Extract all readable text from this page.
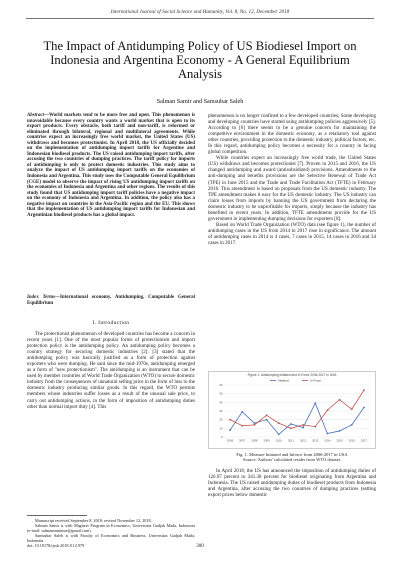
International Journal of Social Science and Humanity, Vol. 8, No. 12, December 2018
The Impact of Antidumping Policy of US Biodiesel Import on Indonesia and Argentina Economy - A General Equilibrium Analysis
Salman Samir and Samsubar Saleh
Abstract—World markets tend to be more free and open. This phenomenon is unavoidable because every country wants a world market that is open to its export products. Every obstacle, both tariff and non-tariff, is reformed or eliminated through bilateral, regional and multilateral agreements. While countries expect an increasingly free world market, the United States (US) withdraws and becomes protectionist. In April 2018, the US officially decided on the implementation of antidumping import tariffs for Argentine and Indonesian biodiesel products. The US raised antidumping import tariffs, after accusing the two countries of dumping practices. The tariff policy for imports of antidumping is only to protect domestic industries. This study aims to analyze the impact of US antidumping import tariffs on the economies of Indonesia and Argentina. This study uses the Computable General Equilibrium (CGE) model to observe the impact of rising US antidumping import tariffs on the economies of Indonesia and Argentina and other regions. The results of this study found that US antidumping import tariff policies have a negative impact on the economy of Indonesia and Argentina. In addition, the policy also has a negative impact on countries in the Asia-Pacific region and the EU. This shows that the implementation of US antidumping import tariffs for Indonesian and Argentinian biodiesel products has a global impact.
Index Terms—International economy, Antidumping, Computable General Equilibrium
I. Introduction

The protectionist phenomenon of developed countries has become a concern in recent years [1]. One of the most popular forms of protectionism and import protection policy is the antidumping policy. An antidumping policy becomes a country strategy for securing domestic industries [2]. [3] stated that the antidumping policy was basically justified as a form of protection against exporters who were dumping. He said since the mid-1970s, antidumping emerged as a form of "new protectionism". The antidumping is an instrument that can be used by member countries of World Trade Organization (WTO) to secure domestic industry from the consequences of unnatural selling price in the form of loss to the domestic industry producing similar goods. In this regard, the WTO permits members whose industries suffer losses as a result of the unusual sale price, to carry out antidumping actions, in the form of imposition of antidumping duties other than normal import duty [4]. This

Manuscript received September 8, 2018; revised November 12, 2018.

Salman Samir is with Magister Program in Economics, Universitas Gadjah Mada, Indonesia (e-mail: salmansamirme@gmail.com).

Samsubar Saleh is with Faculty of Economics and Business, Universitas Gadjah Mada, Indonesia.

doi: 10.18178/ijssh.2018.8.12.979

phenomenon is no longer confined to a few developed countries; Some developing and developing countries have started using antidumping policies aggressively [5]. According to [6] there seems to be a genuine concern for maintaining the competitive environment in the domestic economy, as a retaliatory tool against other countries, providing protection to the domestic industry, political factors, etc. In this regard, antidumping policy becomes a necessity for a country in facing global competition.

While countries expect an increasingly free world trade, the United States (US) withdraws and becomes protectionist [7]. Proven in 2015 and 2016, the US changed antidumping and award (antisubsidized) provisions. Amendments to the anti-dumping and benefits provisions are the Selective Renewal of Trade Act (TPE) in June 2015 and the Trade and Trade Facilitation Act (TFTE) in February 2016. This amendment is based on proposals from the US domestic industry. The TPE amendment makes it easy for the US domestic industry. The US industry can claim losses from imports by banning the US government from declaring the domestic industry to be unprofitable for imports, simply because the industry has benefited in recent years. In addition, TFTE amendments provide for the US government in implementing dumping decisions for exporters [8].

Based on World Trade Organization (WTO) data (see figure 1), the number of antidumping cases in the US from 2014 to 2017 rose in significance. The amount of antidumping cases in 2014 is 4 cases, 7 cases in 2015, 14 cases in 2016 and 34 cases in 2017.

Figure 1. Antidumping Initiated and In Force 2006-2017 in USA
Initiated	In Force
0
10
20
30
40
50
60
2006 2007 2008 2009 2010 2011 2012 2013 2014 2015 2016 2017
Fig. 1. Measure Initiated and Inforce from 2006-2017 in USA
Source: Authors' calculated results from WTO dataset.

In April 2018, the US has announced the imposition of antidumping duties of 126.97 percent to 341.38 percent for biodiesel originating from Argentina and Indonesia. The US raised antidumping duties of biodiesel products from Indonesia and Argentina, after accusing the two countries of dumping practices (setting export prices below domestic

300
